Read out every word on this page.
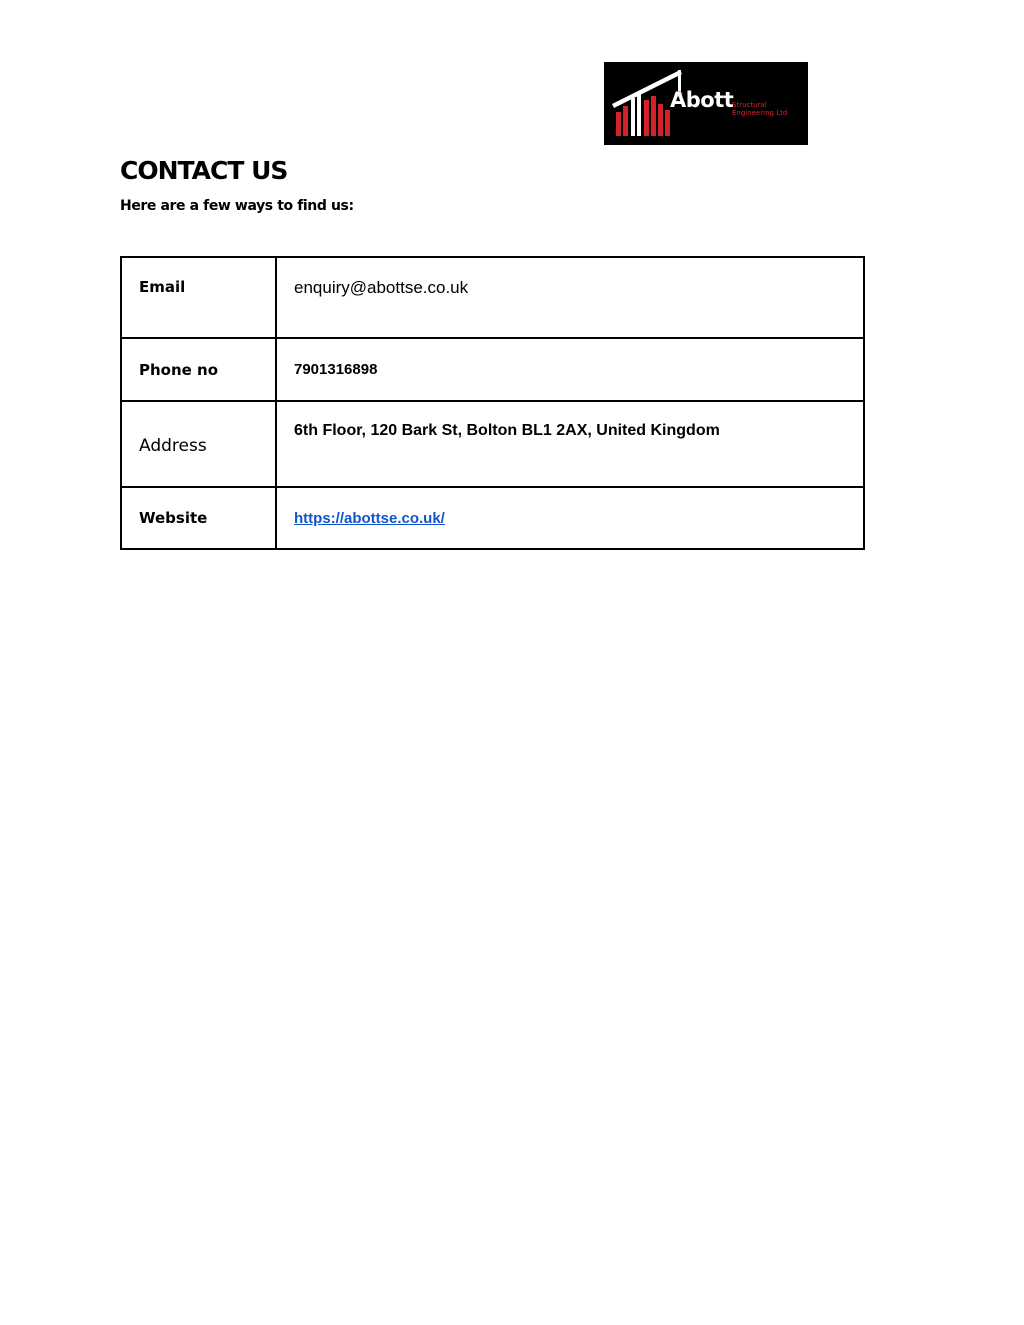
Abott
Structural
Engineering Ltd
CONTACT US

Here are a few ways to find us:

Email	enquiry@abottse.co.uk
Phone no	7901316898
Address	6th Floor, 120 Bark St, Bolton BL1 2AX, United Kingdom
Website	https://abottse.co.uk/
